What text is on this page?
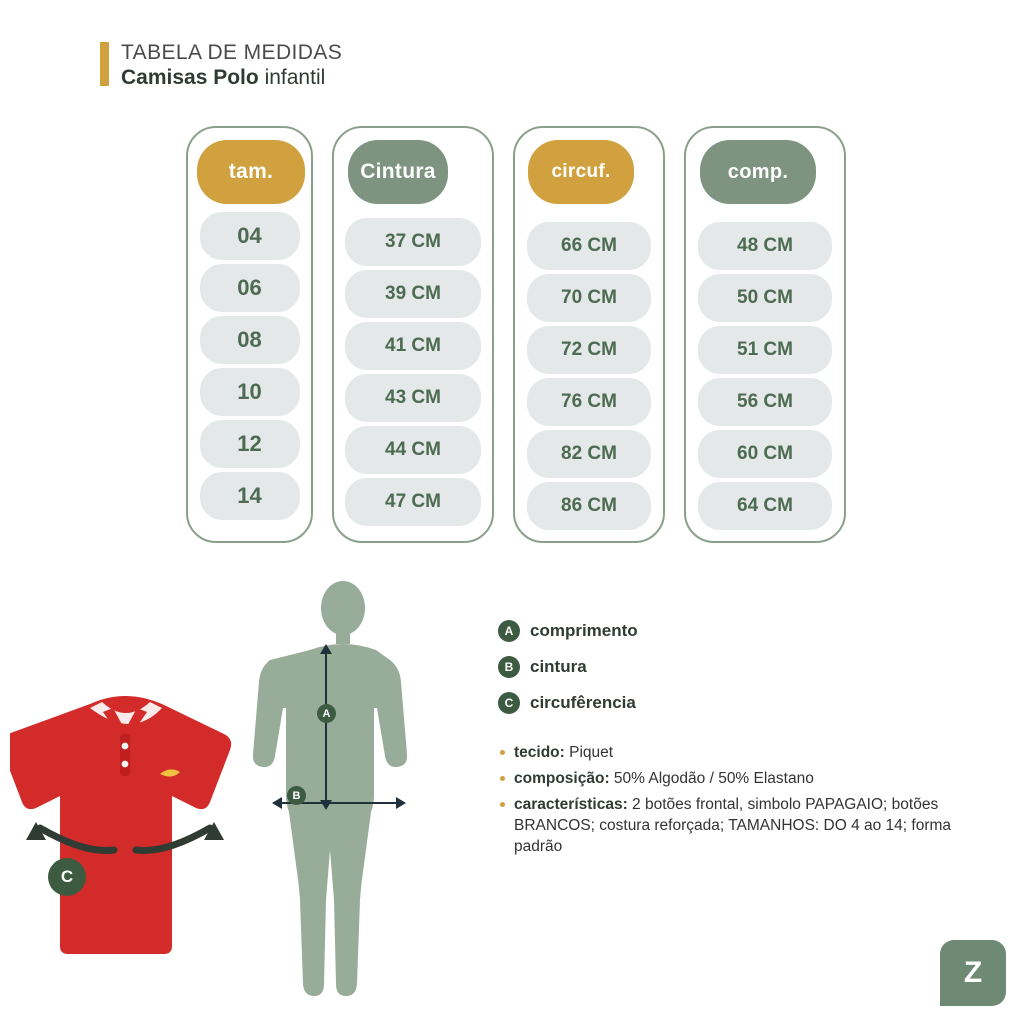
TABELA DE MEDIDAS
Camisas Polo infantil
tam.
04
06
08
10
12
14
Cintura
37 CM
39 CM
41 CM
43 CM
44 CM
47 CM
circuf.
66 CM
70 CM
72 CM
76 CM
82 CM
86 CM
comp.
48 CM
50 CM
51 CM
56 CM
60 CM
64 CM
A
B
C
A comprimento
B cintura
C circufêrencia
tecido: Piquet
composição: 50% Algodão / 50% Elastano
características: 2 botões frontal, simbolo PAPAGAIO; botões BRANCOS; costura reforçada; TAMANHOS: DO 4 ao 14; forma padrão
Z
